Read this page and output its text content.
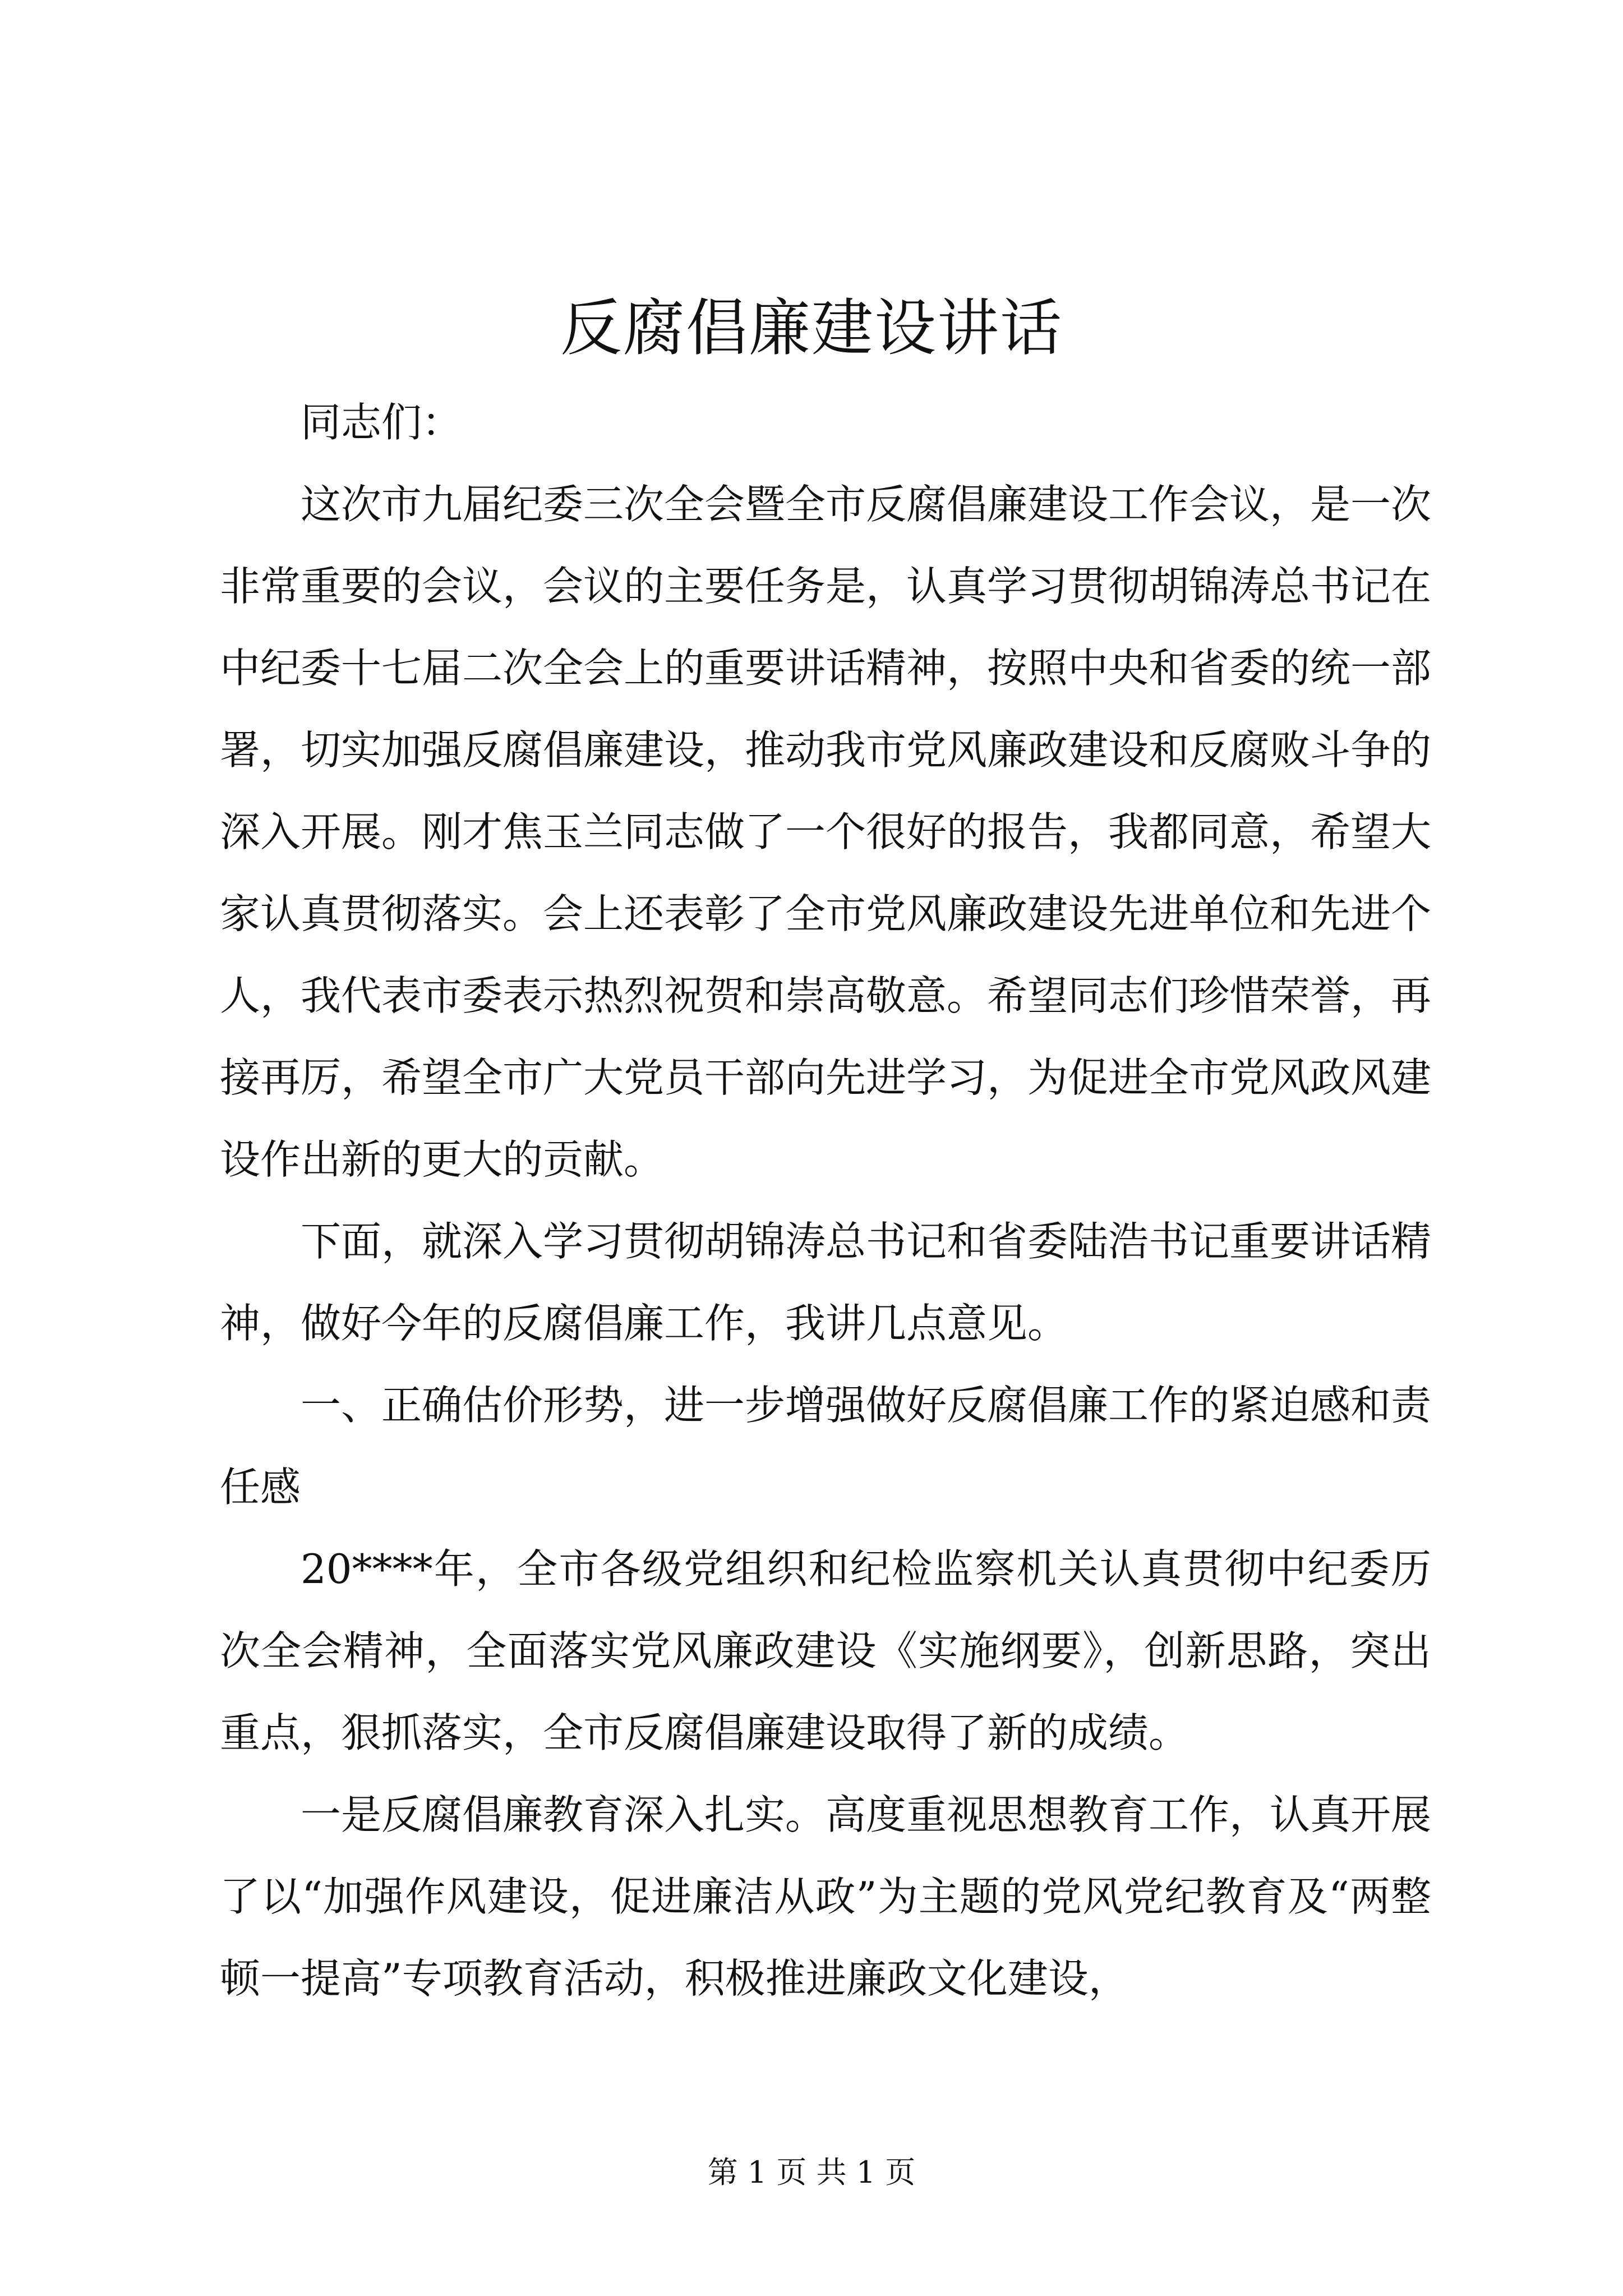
反腐倡廉建设讲话

同志们：

这次市九届纪委三次全会暨全市反腐倡廉建设工作会议，是一次非常重要的会议，会议的主要任务是，认真学习贯彻胡锦涛总书记在中纪委十七届二次全会上的重要讲话精神，按照中央和省委的统一部署，切实加强反腐倡廉建设，推动我市党风廉政建设和反腐败斗争的深入开展。刚才焦玉兰同志做了一个很好的报告，我都同意，希望大家认真贯彻落实。会上还表彰了全市党风廉政建设先进单位和先进个人，我代表市委表示热烈祝贺和崇高敬意。希望同志们珍惜荣誉，再接再厉，希望全市广大党员干部向先进学习，为促进全市党风政风建设作出新的更大的贡献。

下面，就深入学习贯彻胡锦涛总书记和省委陆浩书记重要讲话精神，做好今年的反腐倡廉工作，我讲几点意见。

一、正确估价形势，进一步增强做好反腐倡廉工作的紧迫感和责任感

20****年，全市各级党组织和纪检监察机关认真贯彻中纪委历次全会精神，全面落实党风廉政建设《实施纲要》，创新思路，突出重点，狠抓落实，全市反腐倡廉建设取得了新的成绩。

一是反腐倡廉教育深入扎实。高度重视思想教育工作，认真开展了以“加强作风建设，促进廉洁从政”为主题的党风党纪教育及“两整顿一提高”专项教育活动，积极推进廉政文化建设，

第 1 页 共 1 页
